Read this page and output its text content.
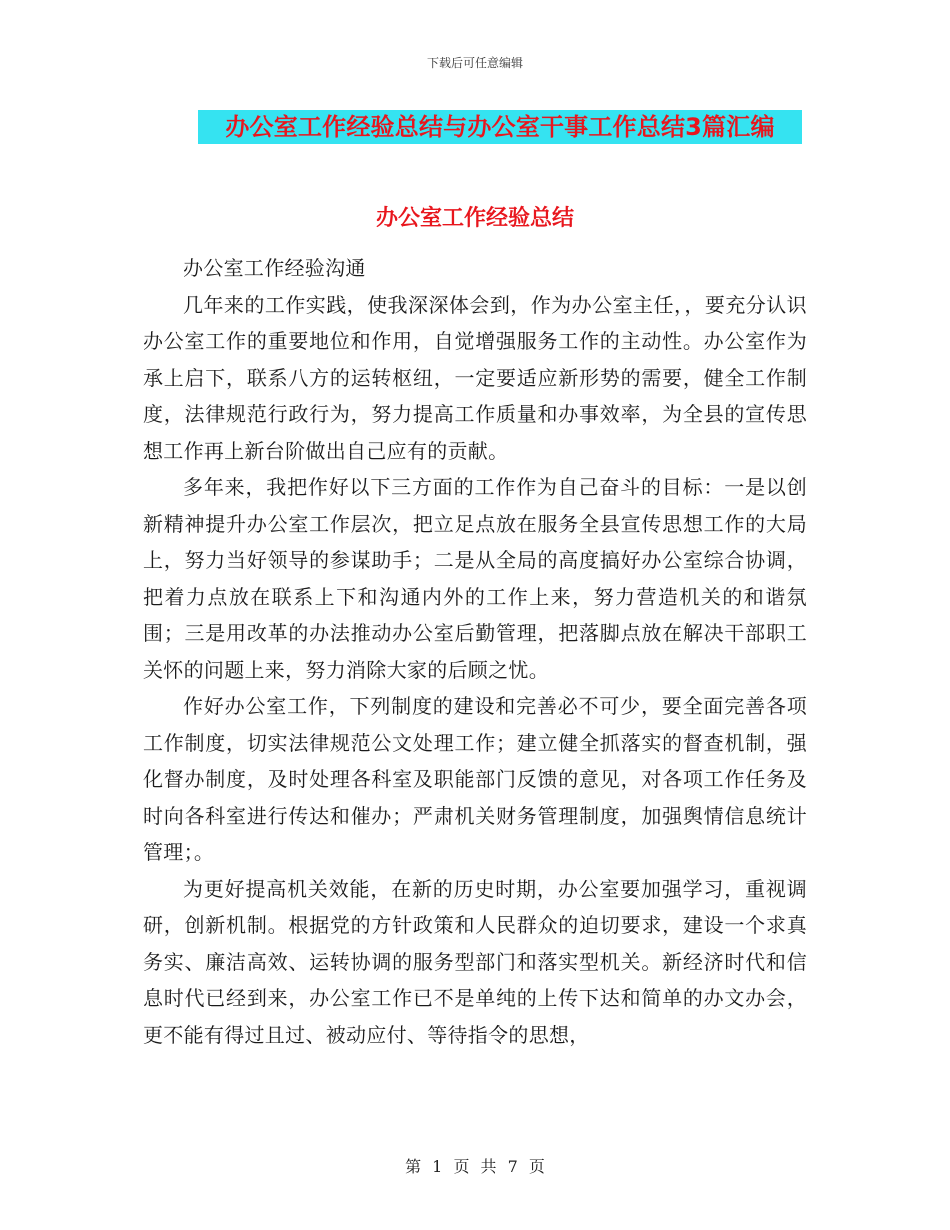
下载后可任意编辑
办公室工作经验总结与办公室干事工作总结3篇汇编
办公室工作经验总结

办公室工作经验沟通

几年来的工作实践，使我深深体会到，作为办公室主任，，要充分认识办公室工作的重要地位和作用，自觉增强服务工作的主动性。办公室作为承上启下，联系八方的运转枢纽，一定要适应新形势的需要，健全工作制度，法律规范行政行为，努力提高工作质量和办事效率，为全县的宣传思想工作再上新台阶做出自己应有的贡献。

多年来，我把作好以下三方面的工作作为自己奋斗的目标：一是以创新精神提升办公室工作层次，把立足点放在服务全县宣传思想工作的大局上，努力当好领导的参谋助手；二是从全局的高度搞好办公室综合协调，把着力点放在联系上下和沟通内外的工作上来，努力营造机关的和谐氛围；三是用改革的办法推动办公室后勤管理，把落脚点放在解决干部职工关怀的问题上来，努力消除大家的后顾之忧。

作好办公室工作，下列制度的建设和完善必不可少，要全面完善各项工作制度，切实法律规范公文处理工作；建立健全抓落实的督查机制，强化督办制度，及时处理各科室及职能部门反馈的意见，对各项工作任务及时向各科室进行传达和催办；严肃机关财务管理制度，加强舆情信息统计管理；。

为更好提高机关效能，在新的历史时期，办公室要加强学习，重视调研，创新机制。根据党的方针政策和人民群众的迫切要求，建设一个求真务实、廉洁高效、运转协调的服务型部门和落实型机关。新经济时代和信息时代已经到来，办公室工作已不是单纯的上传下达和简单的办文办会，更不能有得过且过、被动应付、等待指令的思想，

第 1 页 共 7 页
